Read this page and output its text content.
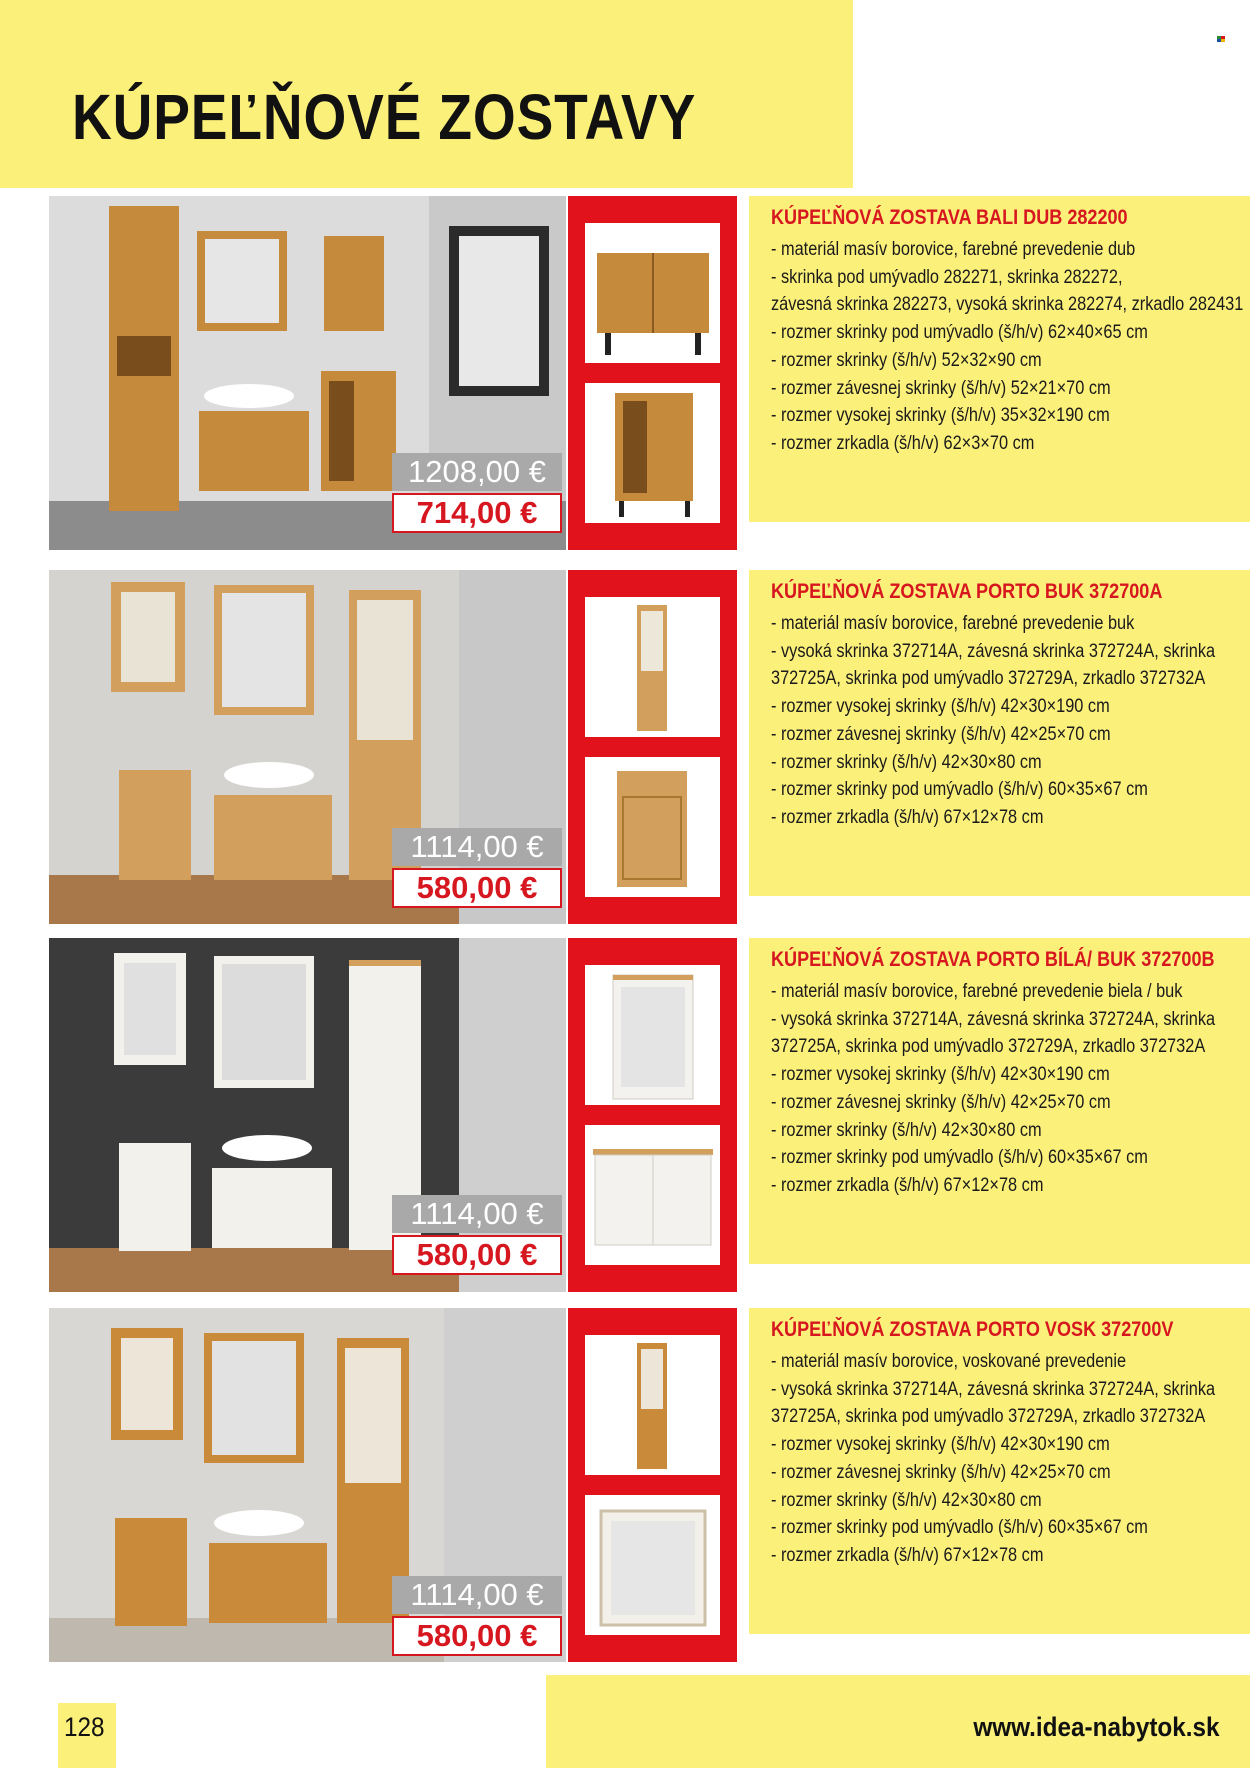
KÚPEĽŇOVÉ ZOSTAVY
KÚPEĽŇOVÁ ZOSTAVA BALI DUB 282200
- materiál masív borovice, farebné prevedenie dub
- skrinka pod umývadlo 282271, skrinka 282272,
závesná skrinka 282273, vysoká skrinka 282274, zrkadlo 282431
- rozmer skrinky pod umývadlo (š/h/v) 62×40×65 cm
- rozmer skrinky (š/h/v) 52×32×90 cm
- rozmer závesnej skrinky (š/h/v) 52×21×70 cm
- rozmer vysokej skrinky (š/h/v) 35×32×190 cm
- rozmer zrkadla (š/h/v) 62×3×70 cm
1208,00 €
714,00 €
KÚPEĽŇOVÁ ZOSTAVA PORTO BUK 372700A
- materiál masív borovice, farebné prevedenie buk
- vysoká skrinka 372714A, závesná skrinka 372724A, skrinka
372725A, skrinka pod umývadlo 372729A, zrkadlo 372732A
- rozmer vysokej skrinky (š/h/v) 42×30×190 cm
- rozmer závesnej skrinky (š/h/v) 42×25×70 cm
- rozmer skrinky (š/h/v) 42×30×80 cm
- rozmer skrinky pod umývadlo (š/h/v) 60×35×67 cm
- rozmer zrkadla (š/h/v) 67×12×78 cm
1114,00 €
580,00 €
KÚPEĽŇOVÁ ZOSTAVA PORTO BÍLÁ/ BUK 372700B
- materiál masív borovice, farebné prevedenie biela / buk
- vysoká skrinka 372714A, závesná skrinka 372724A, skrinka
372725A, skrinka pod umývadlo 372729A, zrkadlo 372732A
- rozmer vysokej skrinky (š/h/v) 42×30×190 cm
- rozmer závesnej skrinky (š/h/v) 42×25×70 cm
- rozmer skrinky (š/h/v) 42×30×80 cm
- rozmer skrinky pod umývadlo (š/h/v) 60×35×67 cm
- rozmer zrkadla (š/h/v) 67×12×78 cm
1114,00 €
580,00 €
KÚPEĽŇOVÁ ZOSTAVA PORTO VOSK 372700V
- materiál masív borovice, voskované prevedenie
- vysoká skrinka 372714A, závesná skrinka 372724A, skrinka
372725A, skrinka pod umývadlo 372729A, zrkadlo 372732A
- rozmer vysokej skrinky (š/h/v) 42×30×190 cm
- rozmer závesnej skrinky (š/h/v) 42×25×70 cm
- rozmer skrinky (š/h/v) 42×30×80 cm
- rozmer skrinky pod umývadlo (š/h/v) 60×35×67 cm
- rozmer zrkadla (š/h/v) 67×12×78 cm
1114,00 €
580,00 €
128	www.idea-nabytok.sk
